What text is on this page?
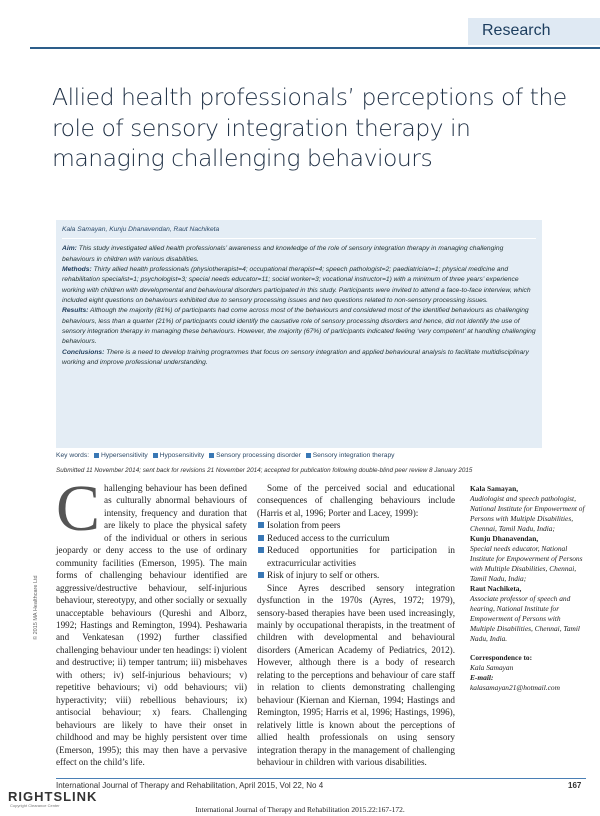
Research
Allied health professionals’ perceptions of the role of sensory integration therapy in managing challenging behaviours
Kala Samayan, Kunju Dhanavendan, Raut Nachiketa

Aim: This study investigated allied health professionals’ awareness and knowledge of the role of sensory integration therapy in managing challenging behaviours in children with various disabilities.

Methods: Thirty allied health professionals (physiotherapist=4; occupational therapist=4; speech pathologist=2; paediatrician=1; physical medicine and rehabilitation specialist=1; psychologist=3; special needs educator=11; social worker=3; vocational instructor=1) with a minimum of three years’ experience working with children with developmental and behavioural disorders participated in this study. Participants were invited to attend a face-to-face interview, which included eight questions on behaviours exhibited due to sensory processing issues and two questions related to non-sensory processing issues.

Results: Although the majority (81%) of participants had come across most of the behaviours and considered most of the identified behaviours as challenging behaviours, less than a quarter (21%) of participants could identify the causative role of sensory processing disorders and hence, did not identify the use of sensory integration therapy in managing these behaviours. However, the majority (67%) of participants indicated feeling ‘very competent’ at handling challenging behaviours.

Conclusions: There is a need to develop training programmes that focus on sensory integration and applied behavioural analysis to facilitate multidisciplinary working and improve professional understanding.

Key words: Hypersensitivity Hyposensitivity Sensory processing disorder Sensory integration therapy
Submitted 11 November 2014; sent back for revisions 21 November 2014; accepted for publication following double-blind peer review 8 January 2015
Challenging behaviour has been defined as culturally abnormal behaviours of intensity, frequency and duration that are likely to place the physical safety of the individual or others in serious jeopardy or deny access to the use of ordinary community facilities (Emerson, 1995). The main forms of challenging behaviour identified are aggressive/destructive behaviour, self-injurious behaviour, stereotypy, and other socially or sexually unacceptable behaviours (Qureshi and Alborz, 1992; Hastings and Remington, 1994). Peshawaria and Venkatesan (1992) further classified challenging behaviour under ten headings: i) violent and destructive; ii) temper tantrum; iii) misbehaves with others; iv) self-injurious behaviours; v) repetitive behaviours; vi) odd behaviours; vii) hyperactivity; viii) rebellious behaviours; ix) antisocial behaviour; x) fears. Challenging behaviours are likely to have their onset in childhood and may be highly persistent over time (Emerson, 1995); this may then have a pervasive effect on the child’s life.

Some of the perceived social and educational consequences of challenging behaviours include (Harris et al, 1996; Porter and Lacey, 1999):

Isolation from peers
Reduced access to the curriculum
Reduced opportunities for participation in extracurricular activities
Risk of injury to self or others.

Since Ayres described sensory integration dysfunction in the 1970s (Ayres, 1972; 1979), sensory-based therapies have been used increasingly, mainly by occupational therapists, in the treatment of children with developmental and behavioural disorders (American Academy of Pediatrics, 2012). However, although there is a body of research relating to the perceptions and behaviour of care staff in relation to clients demonstrating challenging behaviour (Kiernan and Kiernan, 1994; Hastings and Remington, 1995; Harris et al, 1996; Hastings, 1996), relatively little is known about the perceptions of allied health professionals on using sensory integration therapy in the management of challenging behaviour in children with various disabilities.

Kala Samayan,

Audiologist and speech pathologist, National Institute for Empowerment of Persons with Multiple Disabilities, Chennai, Tamil Nadu, India;

Kunju Dhanavendan,

Special needs educator, National Institute for Empowerment of Persons with Multiple Disabilities, Chennai, Tamil Nadu, India;

Raut Nachiketa,

Associate professor of speech and hearing, National Institute for Empowerment of Persons with Multiple Disabilities, Chennai, Tamil Nadu, India.

Correspondence to:

Kala Samayan

E-mail:

kalasamayan21@hotmail.com

© 2015 MA Healthcare Ltd
International Journal of Therapy and Rehabilitation, April 2015, Vol 22, No 4	167
RIGHTSLINK
Copyright Clearance Center	International Journal of Therapy and Rehabilitation 2015.22:167-172.
